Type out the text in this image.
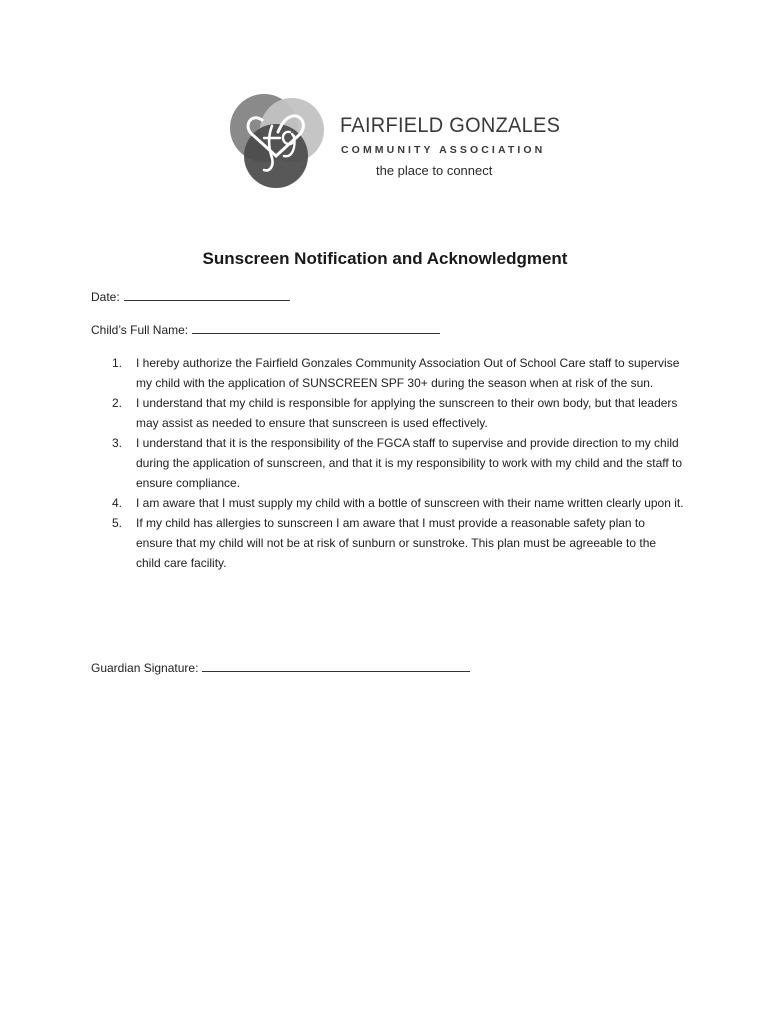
FAIRFIELD GONZALES
COMMUNITY ASSOCIATION
the place to connect
Sunscreen Notification and Acknowledgment
Date:
Child’s Full Name:
1. I hereby authorize the Fairfield Gonzales Community Association Out of School Care staff to supervise my child with the application of SUNSCREEN SPF 30+ during the season when at risk of the sun.
2. I understand that my child is responsible for applying the sunscreen to their own body, but that leaders may assist as needed to ensure that sunscreen is used effectively.
3. I understand that it is the responsibility of the FGCA staff to supervise and provide direction to my child during the application of sunscreen, and that it is my responsibility to work with my child and the staff to ensure compliance.
4. I am aware that I must supply my child with a bottle of sunscreen with their name written clearly upon it.
5. If my child has allergies to sunscreen I am aware that I must provide a reasonable safety plan to ensure that my child will not be at risk of sunburn or sunstroke. This plan must be agreeable to the child care facility.
Guardian Signature:
